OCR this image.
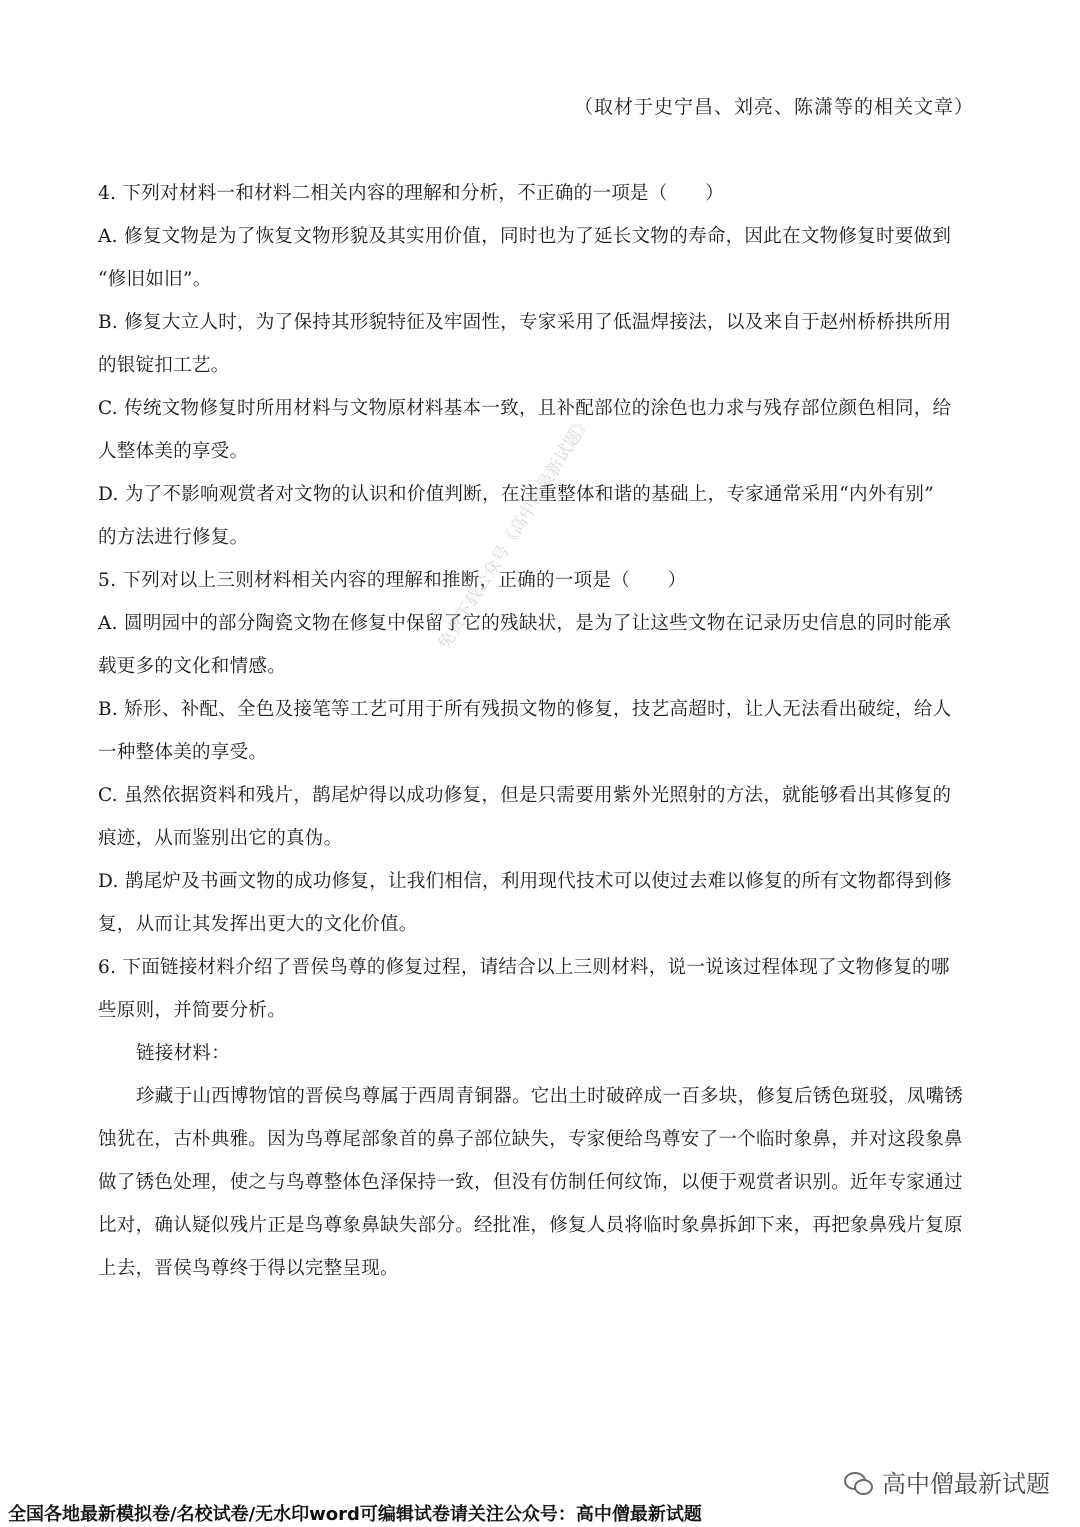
（取材于史宁昌、刘亮、陈潇等的相关文章）
4. 下列对材料一和材料二相关内容的理解和分析，不正确的一项是（　　）
A. 修复文物是为了恢复文物形貌及其实用价值，同时也为了延长文物的寿命，因此在文物修复时要做到
“修旧如旧”。
B. 修复大立人时，为了保持其形貌特征及牢固性，专家采用了低温焊接法，以及来自于赵州桥桥拱所用
的银锭扣工艺。
C. 传统文物修复时所用材料与文物原材料基本一致，且补配部位的涂色也力求与残存部位颜色相同，给
人整体美的享受。
D. 为了不影响观赏者对文物的认识和价值判断，在注重整体和谐的基础上，专家通常采用“内外有别”
的方法进行修复。
5. 下列对以上三则材料相关内容的理解和推断，正确的一项是（　　）
A. 圆明园中的部分陶瓷文物在修复中保留了它的残缺状，是为了让这些文物在记录历史信息的同时能承
载更多的文化和情感。
B. 矫形、补配、全色及接笔等工艺可用于所有残损文物的修复，技艺高超时，让人无法看出破绽，给人
一种整体美的享受。
C. 虽然依据资料和残片，鹊尾炉得以成功修复，但是只需要用紫外光照射的方法，就能够看出其修复的
痕迹，从而鉴别出它的真伪。
D. 鹊尾炉及书画文物的成功修复，让我们相信，利用现代技术可以使过去难以修复的所有文物都得到修
复，从而让其发挥出更大的文化价值。
6. 下面链接材料介绍了晋侯鸟尊的修复过程，请结合以上三则材料，说一说该过程体现了文物修复的哪
些原则，并简要分析。
链接材料：
珍藏于山西博物馆的晋侯鸟尊属于西周青铜器。它出土时破碎成一百多块，修复后锈色斑驳，凤嘴锈
蚀犹在，古朴典雅。因为鸟尊尾部象首的鼻子部位缺失，专家便给鸟尊安了一个临时象鼻，并对这段象鼻
做了锈色处理，使之与鸟尊整体色泽保持一致，但没有仿制任何纹饰，以便于观赏者识别。近年专家通过
比对，确认疑似残片正是鸟尊象鼻缺失部分。经批准，修复人员将临时象鼻拆卸下来，再把象鼻残片复原
上去，晋侯鸟尊终于得以完整呈现。
免费下载公众号《高中僧最新试题》
高中僧最新试题
全国各地最新模拟卷/名校试卷/无水印word可编辑试卷请关注公众号：高中僧最新试题
